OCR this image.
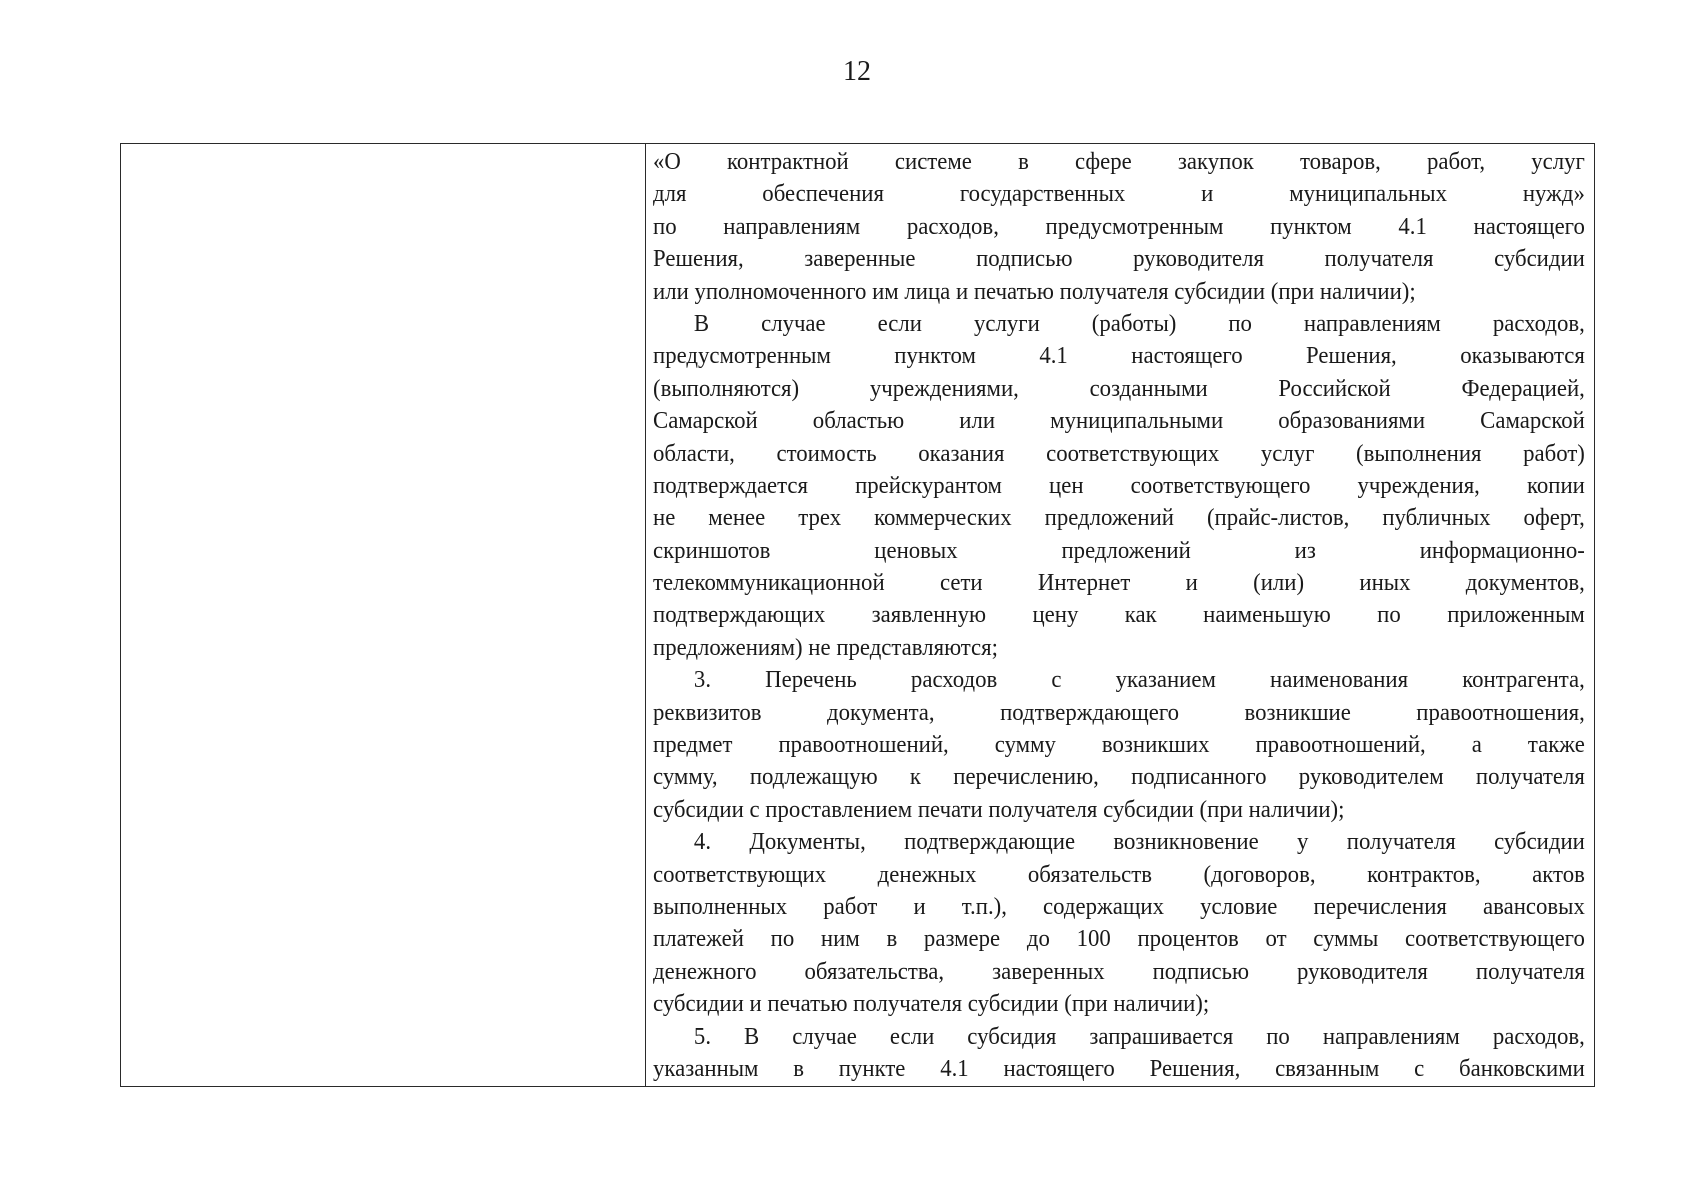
12
«О контрактной системе в сфере закупок товаров, работ, услуг
для обеспечения государственных и муниципальных нужд»
по направлениям расходов, предусмотренным пунктом 4.1 настоящего
Решения, заверенные подписью руководителя получателя субсидии
или уполномоченного им лица и печатью получателя субсидии (при наличии);
В случае если услуги (работы) по направлениям расходов,
предусмотренным пунктом 4.1 настоящего Решения, оказываются
(выполняются) учреждениями, созданными Российской Федерацией,
Самарской областью или муниципальными образованиями Самарской
области, стоимость оказания соответствующих услуг (выполнения работ)
подтверждается прейскурантом цен соответствующего учреждения, копии
не менее трех коммерческих предложений (прайс-листов, публичных оферт,
скриншотов ценовых предложений из информационно-
телекоммуникационной сети Интернет и (или) иных документов,
подтверждающих заявленную цену как наименьшую по приложенным
предложениям) не представляются;
3. Перечень расходов с указанием наименования контрагента,
реквизитов документа, подтверждающего возникшие правоотношения,
предмет правоотношений, сумму возникших правоотношений, а также
сумму, подлежащую к перечислению, подписанного руководителем получателя
субсидии с проставлением печати получателя субсидии (при наличии);
4. Документы, подтверждающие возникновение у получателя субсидии
соответствующих денежных обязательств (договоров, контрактов, актов
выполненных работ и т.п.), содержащих условие перечисления авансовых
платежей по ним в размере до 100 процентов от суммы соответствующего
денежного обязательства, заверенных подписью руководителя получателя
субсидии и печатью получателя субсидии (при наличии);
5. В случае если субсидия запрашивается по направлениям расходов,
указанным в пункте 4.1 настоящего Решения, связанным с банковскими
